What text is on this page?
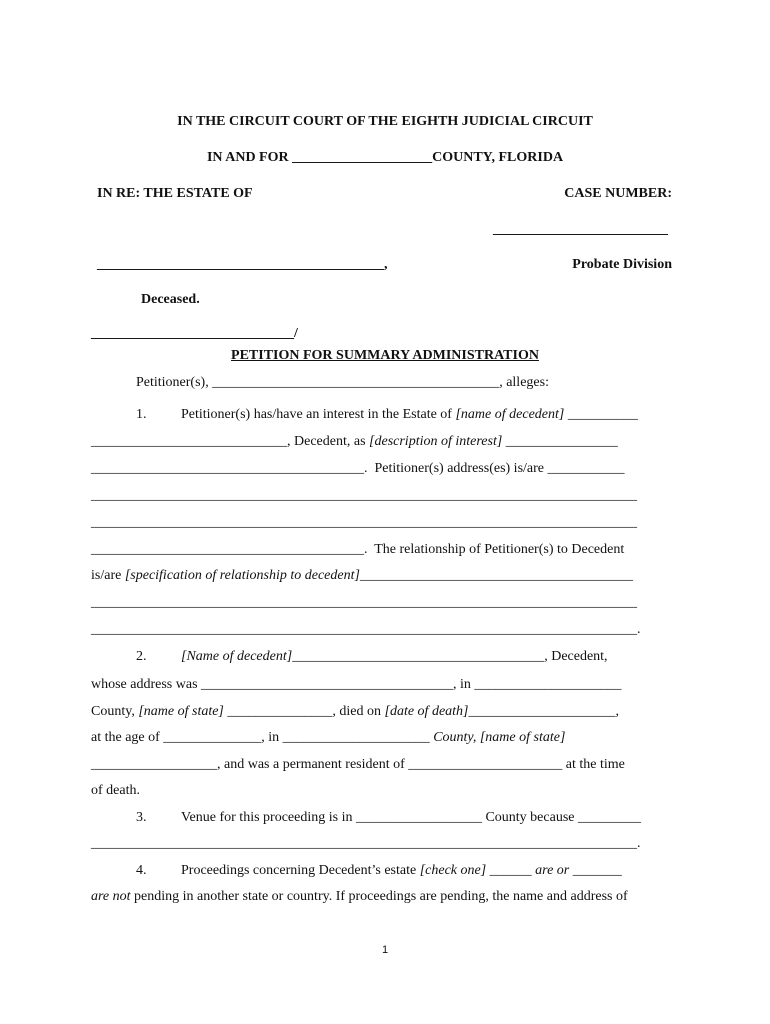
IN THE CIRCUIT COURT OF THE EIGHTH JUDICIAL CIRCUIT
IN AND FOR ____________________COUNTY, FLORIDA
IN RE: THE ESTATE OF	CASE NUMBER:
_________________________
_________________________________________,	Probate Division
Deceased.
_____________________________/
PETITION FOR SUMMARY ADMINISTRATION
Petitioner(s), _________________________________________, alleges:
1. Petitioner(s) has/have an interest in the Estate of [name of decedent] __________
____________________________, Decedent, as [description of interest] ________________
_______________________________________.  Petitioner(s) address(es) is/are ___________
______________________________________________________________________________
______________________________________________________________________________
_______________________________________.  The relationship of Petitioner(s) to Decedent
is/are [specification of relationship to decedent]_______________________________________
______________________________________________________________________________
______________________________________________________________________________.
2. [Name of decedent]____________________________________, Decedent,
whose address was ____________________________________, in _____________________
County, [name of state] _______________, died on [date of death]_____________________,
at the age of ______________, in _____________________ County, [name of state]
__________________, and was a permanent resident of ______________________ at the time
of death.
3. Venue for this proceeding is in __________________ County because _________
______________________________________________________________________________.
4. Proceedings concerning Decedent’s estate [check one] ______ are or _______
are not pending in another state or country. If proceedings are pending, the name and address of
1
